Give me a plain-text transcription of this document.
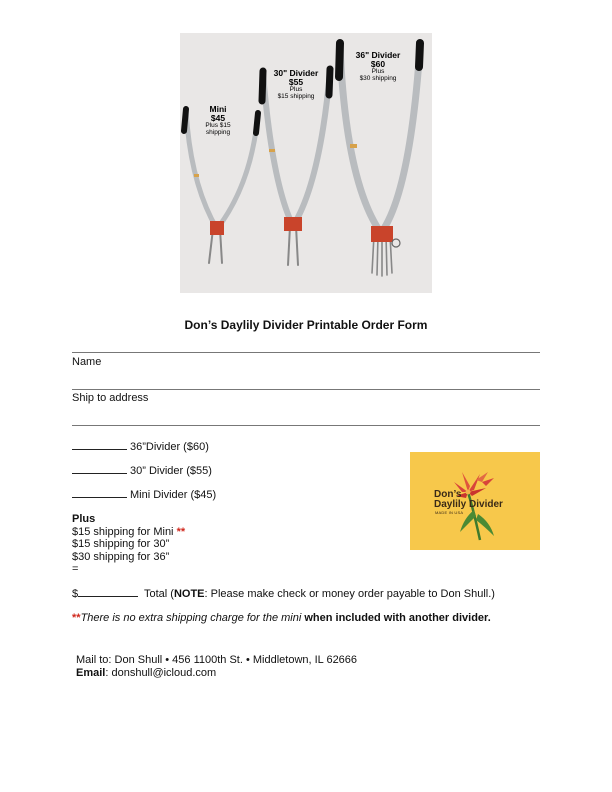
Mini
$45
Plus $15
shipping
30" Divider
$55
Plus
$15 shipping
36" Divider
$60
Plus
$30 shipping
Don’s Daylily Divider Printable Order Form
Name
Ship to address
36”Divider ($60)
30” Divider ($55)
Mini Divider ($45)
Plus
$15 shipping for Mini **
$15 shipping for 30”
$30 shipping for 36”
=
$	Total (NOTE: Please make check or money order payable to Don Shull.)
**There is no extra shipping charge for the mini when included with another divider.
Mail to: Don Shull • 456 1100th St. • Middletown, IL 62666
Email: donshull@icloud.com
Don’s
Daylily Divider
MADE IN USA
